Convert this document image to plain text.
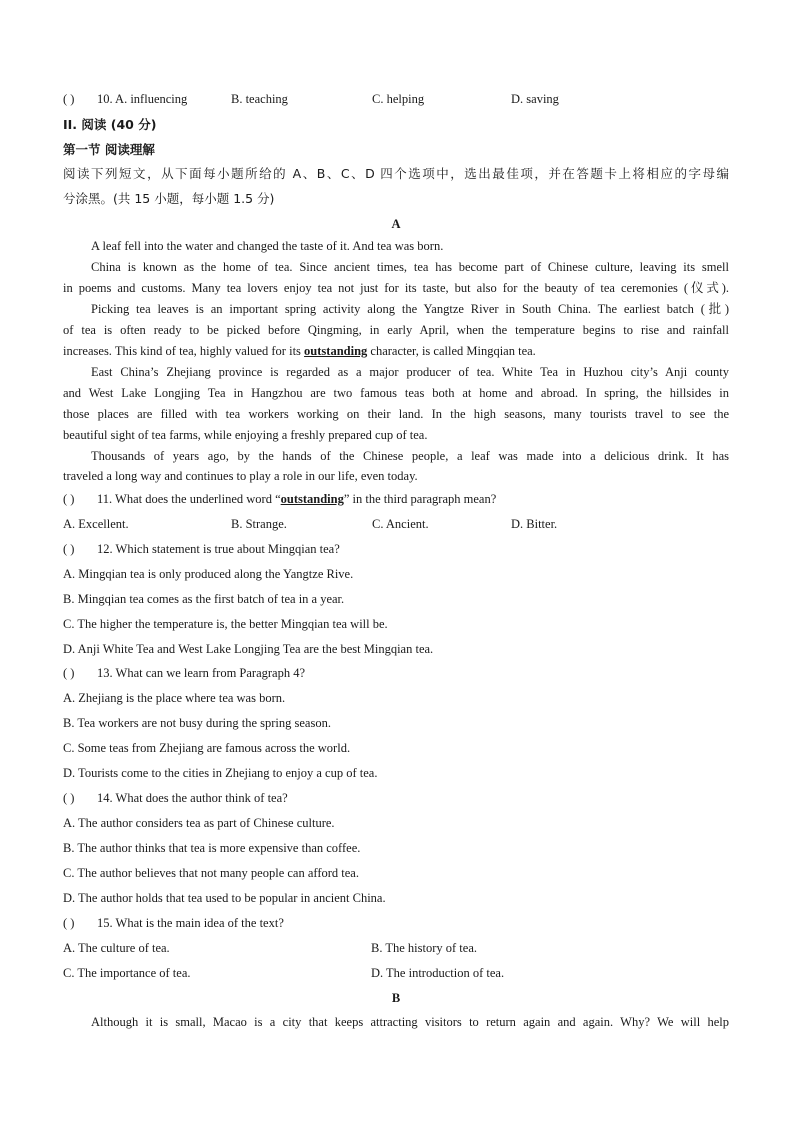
( ) 10. A. influencing	B. teaching	C. helping	D. saving
II. 阅读 (40 分)
第一节 阅读理解
阅读下列短文，从下面每小题所给的 A、B、C、D 四个选项中，选出最佳项，并在答题卡上将相应的字母编
兮涂黑。(共 15 小题，每小题 1.5 分)
A
A leaf fell into the water and changed the taste of it. And tea was born.
China is known as the home of tea. Since ancient times, tea has become part of Chinese culture, leaving its smell
in poems and customs. Many tea lovers enjoy tea not just for its taste, but also for the beauty of tea ceremonies (仪式).
Picking tea leaves is an important spring activity along the Yangtze River in South China. The earliest batch (批)
of tea is often ready to be picked before Qingming, in early April, when the temperature begins to rise and rainfall
increases. This kind of tea, highly valued for its outstanding character, is called Mingqian tea.
East China’s Zhejiang province is regarded as a major producer of tea. White Tea in Huzhou city’s Anji county
and West Lake Longjing Tea in Hangzhou are two famous teas both at home and abroad. In spring, the hillsides in
those places are filled with tea workers working on their land. In the high seasons, many tourists travel to see the
beautiful sight of tea farms, while enjoying a freshly prepared cup of tea.
Thousands of years ago, by the hands of the Chinese people, a leaf was made into a delicious drink. It has
traveled a long way and continues to play a role in our life, even today.
( ) 11. What does the underlined word “outstanding” in the third paragraph mean?
A. Excellent.	B. Strange.	C. Ancient.	D. Bitter.
( ) 12. Which statement is true about Mingqian tea?
A. Mingqian tea is only produced along the Yangtze Rive.
B. Mingqian tea comes as the first batch of tea in a year.
C. The higher the temperature is, the better Mingqian tea will be.
D. Anji White Tea and West Lake Longjing Tea are the best Mingqian tea.
( ) 13. What can we learn from Paragraph 4?
A. Zhejiang is the place where tea was born.
B. Tea workers are not busy during the spring season.
C. Some teas from Zhejiang are famous across the world.
D. Tourists come to the cities in Zhejiang to enjoy a cup of tea.
( ) 14. What does the author think of tea?
A. The author considers tea as part of Chinese culture.
B. The author thinks that tea is more expensive than coffee.
C. The author believes that not many people can afford tea.
D. The author holds that tea used to be popular in ancient China.
( ) 15. What is the main idea of the text?
A. The culture of tea.	B. The history of tea.
C. The importance of tea.	D. The introduction of tea.
B
Although it is small, Macao is a city that keeps attracting visitors to return again and again. Why? We will help
